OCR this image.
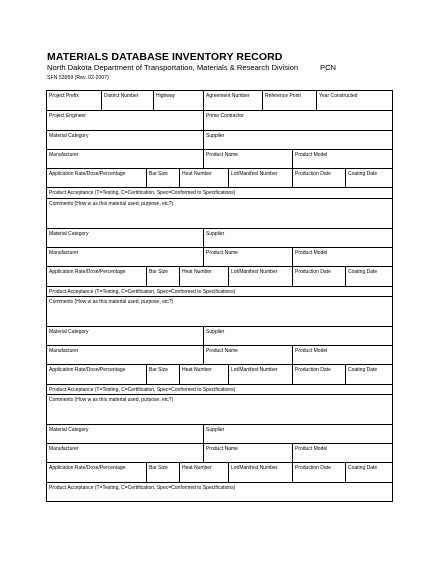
MATERIALS DATABASE INVENTORY RECORD
North Dakota Department of Transportation, Materials & Research Division	PCN
SFN 53959 (Rev. 02-2007)
Project Prefix	District Number	Highway	Agreement Number	Reference Point	Year Constructed
Project Engineer	Prime Contractor
Material Category	Supplier
Manufacturer	Product Name	Product Model
Application Rate/Dose/Percentage	Bar Size	Heat Number	Lot/Manifest Number	Production Date	Coating Date
Product Acceptance (T=Testing, C=Certification, Spec=Conformed to Specifications)
Comments (How w as this material used, purpose, etc?)
Material Category	Supplier
Manufacturer	Product Name	Product Model
Application Rate/Dose/Percentage	Bar Size	Heat Number	Lot/Manifest Number	Production Date	Coating Date
Product Acceptance (T=Testing, C=Certification, Spec=Conformed to Specifications)
Comments (How w as this material used, purpose, etc?)
Material Category	Supplier
Manufacturer	Product Name	Product Model
Application Rate/Dose/Percentage	Bar Size	Heat Number	Lot/Manifest Number	Production Date	Coating Date
Product Acceptance (T=Testing, C=Certification, Spec=Conformed to Specifications)
Comments (How w as this material used, purpose, etc?)
Material Category	Supplier
Manufacturer	Product Name	Product Model
Application Rate/Dose/Percentage	Bar Size	Heat Number	Lot/Manifest Number	Production Date	Coating Date
Product Acceptance (T=Testing, C=Certification, Spec=Conformed to Specifications)
